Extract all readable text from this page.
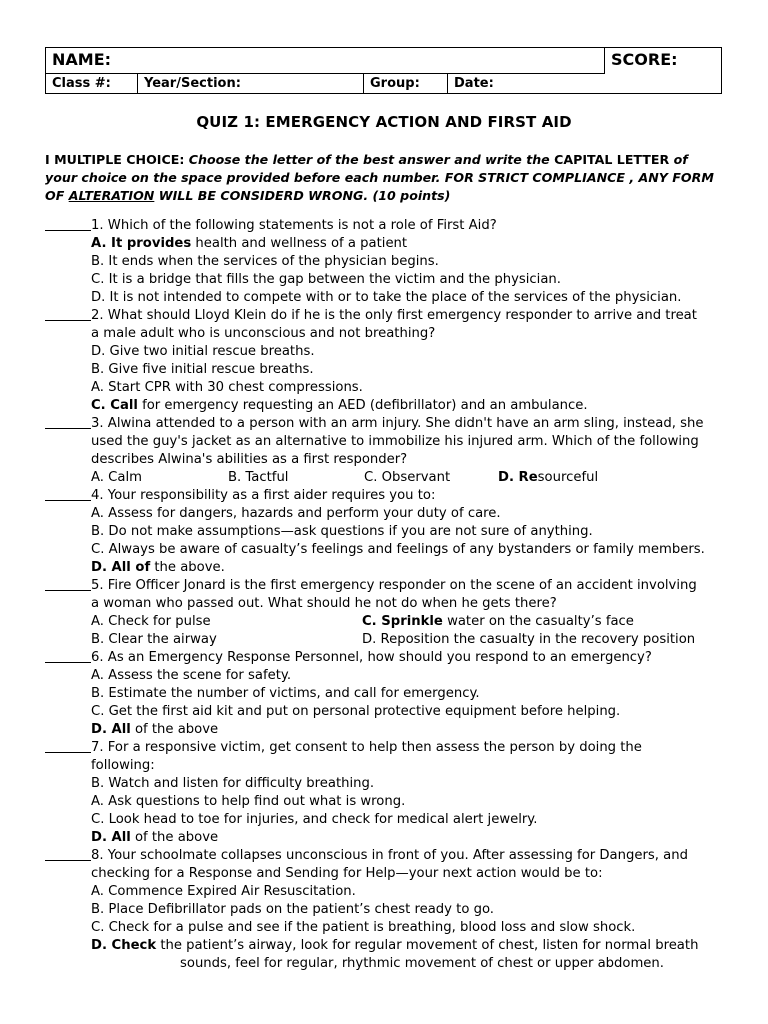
NAME:	SCORE:
Class #:	Year/Section:	Group:	Date:
QUIZ 1: EMERGENCY ACTION AND FIRST AID
I MULTIPLE CHOICE: Choose the letter of the best answer and write the CAPITAL LETTER of your choice on the space provided before each number. FOR STRICT COMPLIANCE , ANY FORM OF ALTERATION WILL BE CONSIDERD WRONG. (10 points)
1.
Which of the following statements is not a role of First Aid?
A. It provides health and wellness of a patient
B. It ends when the services of the physician begins.
C. It is a bridge that fills the gap between the victim and the physician.
D. It is not intended to compete with or to take the place of the services of the physician.
2.
What should Lloyd Klein do if he is the only first emergency responder to arrive and treat
a male adult who is unconscious and not breathing?
D. Give two initial rescue breaths.
B. Give five initial rescue breaths.
A. Start CPR with 30 chest compressions.
C. Call for emergency requesting an AED (defibrillator) and an ambulance.
3.
Alwina attended to a person with an arm injury. She didn't have an arm sling, instead, she
used the guy's jacket as an alternative to immobilize his injured arm. Which of the following
describes Alwina's abilities as a first responder?
A. Calm	B. Tactful	C. Observant	D. Resourceful
4.
Your responsibility as a first aider requires you to:
A. Assess for dangers, hazards and perform your duty of care.
B. Do not make assumptions—ask questions if you are not sure of anything.
C. Always be aware of casualty’s feelings and feelings of any bystanders or family members.
D. All of the above.
5.
Fire Officer Jonard is the first emergency responder on the scene of an accident involving
a woman who passed out. What should he not do when he gets there?
A. Check for pulse	C. Sprinkle water on the casualty’s face
B. Clear the airway	D. Reposition the casualty in the recovery position
6.
As an Emergency Response Personnel, how should you respond to an emergency?
A. Assess the scene for safety.
B. Estimate the number of victims, and call for emergency.
C. Get the first aid kit and put on personal protective equipment before helping.
D. All of the above
7.
For a responsive victim, get consent to help then assess the person by doing the
following:
B. Watch and listen for difficulty breathing.
A. Ask questions to help find out what is wrong.
C. Look head to toe for injuries, and check for medical alert jewelry.
D. All of the above
8.
Your schoolmate collapses unconscious in front of you. After assessing for Dangers, and
checking for a Response and Sending for Help—your next action would be to:
A. Commence Expired Air Resuscitation.
B. Place Defibrillator pads on the patient’s chest ready to go.
C. Check for a pulse and see if the patient is breathing, blood loss and slow shock.
D. Check the patient’s airway, look for regular movement of chest, listen for normal breath
sounds, feel for regular, rhythmic movement of chest or upper abdomen.
